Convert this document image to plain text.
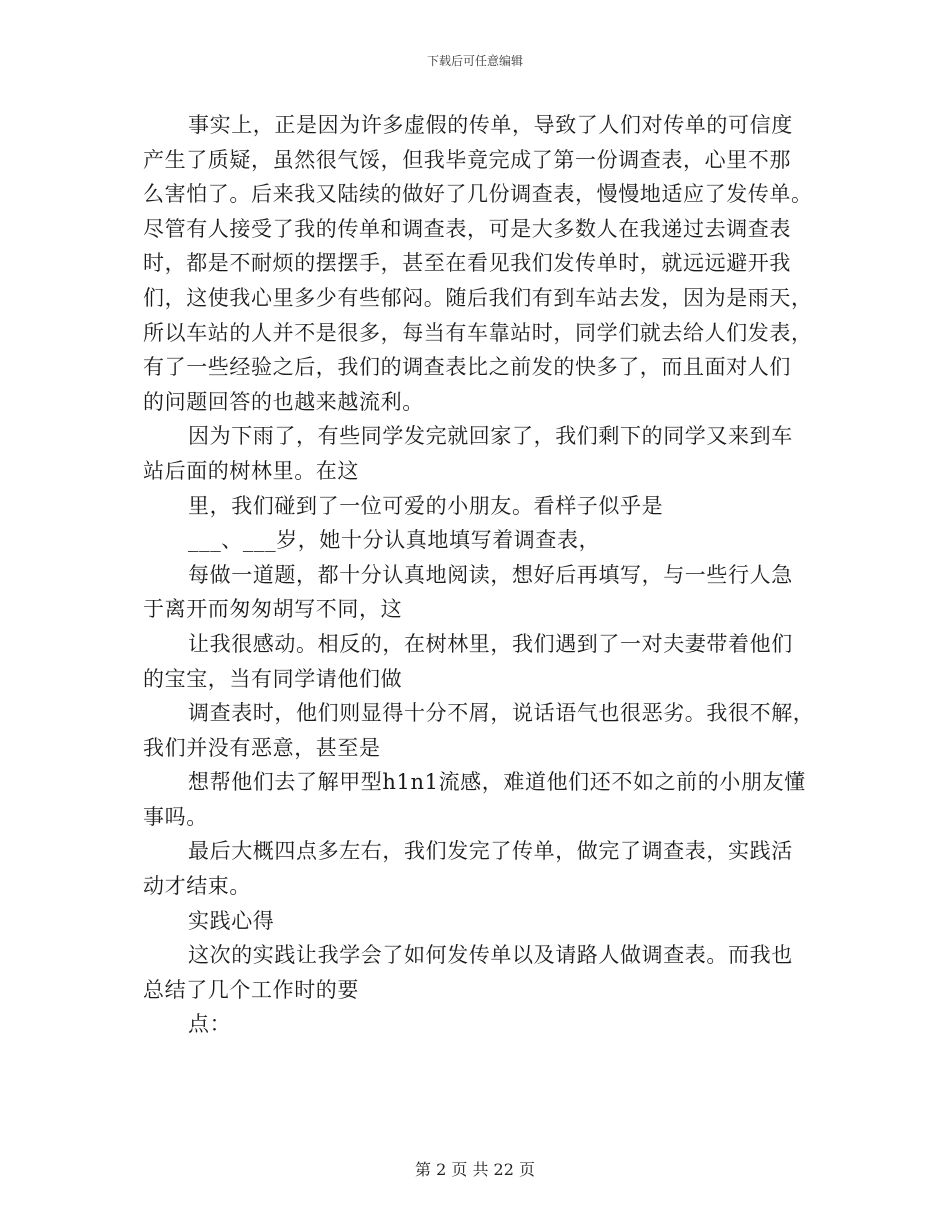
下载后可任意编辑
事实上，正是因为许多虚假的传单，导致了人们对传单的可信度
产生了质疑，虽然很气馁，但我毕竟完成了第一份调查表，心里不那
么害怕了。后来我又陆续的做好了几份调查表，慢慢地适应了发传单。
尽管有人接受了我的传单和调查表，可是大多数人在我递过去调查表
时，都是不耐烦的摆摆手，甚至在看见我们发传单时，就远远避开我
们，这使我心里多少有些郁闷。随后我们有到车站去发，因为是雨天，
所以车站的人并不是很多，每当有车靠站时，同学们就去给人们发表，
有了一些经验之后，我们的调查表比之前发的快多了，而且面对人们
的问题回答的也越来越流利。
因为下雨了，有些同学发完就回家了，我们剩下的同学又来到车
站后面的树林里。在这
里，我们碰到了一位可爱的小朋友。看样子似乎是
___、___岁，她十分认真地填写着调查表，
每做一道题，都十分认真地阅读，想好后再填写，与一些行人急
于离开而匆匆胡写不同，这
让我很感动。相反的，在树林里，我们遇到了一对夫妻带着他们
的宝宝，当有同学请他们做
调查表时，他们则显得十分不屑，说话语气也很恶劣。我很不解，
我们并没有恶意，甚至是
想帮他们去了解甲型h1n1流感，难道他们还不如之前的小朋友懂
事吗。
最后大概四点多左右，我们发完了传单，做完了调查表，实践活
动才结束。
实践心得
这次的实践让我学会了如何发传单以及请路人做调查表。而我也
总结了几个工作时的要
点：
第 2 页 共 22 页
